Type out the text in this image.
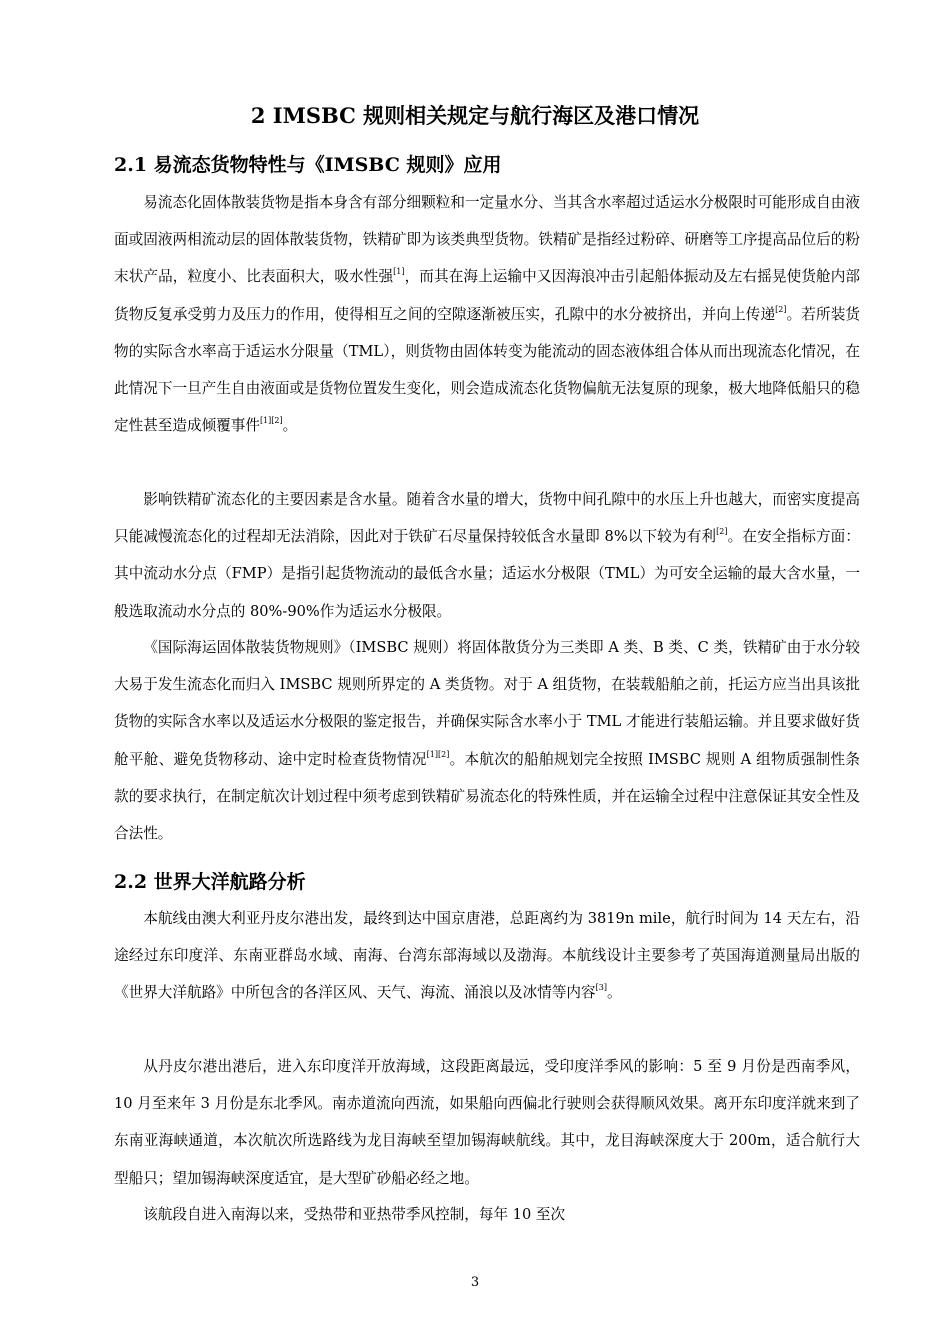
2 IMSBC 规则相关规定与航行海区及港口情况
2.1 易流态货物特性与《IMSBC 规则》应用

易流态化固体散装货物是指本身含有部分细颗粒和一定量水分、当其含水率超过适运水分极限时可能形成自由液面或固液两相流动层的固体散装货物，铁精矿即为该类典型货物。铁精矿是指经过粉碎、研磨等工序提高品位后的粉末状产品，粒度小、比表面积大，吸水性强[1]，而其在海上运输中又因海浪冲击引起船体振动及左右摇晃使货舱内部货物反复承受剪力及压力的作用，使得相互之间的空隙逐渐被压实，孔隙中的水分被挤出，并向上传递[2]。若所装货物的实际含水率高于适运水分限量（TML），则货物由固体转变为能流动的固态液体组合体从而出现流态化情况，在此情况下一旦产生自由液面或是货物位置发生变化，则会造成流态化货物偏航无法复原的现象，极大地降低船只的稳定性甚至造成倾覆事件[1][2]。

影响铁精矿流态化的主要因素是含水量。随着含水量的增大，货物中间孔隙中的水压上升也越大，而密实度提高只能减慢流态化的过程却无法消除，因此对于铁矿石尽量保持较低含水量即 8%以下较为有利[2]。在安全指标方面：其中流动水分点（FMP）是指引起货物流动的最低含水量；适运水分极限（TML）为可安全运输的最大含水量，一般选取流动水分点的 80%-90%作为适运水分极限。

《国际海运固体散装货物规则》（IMSBC 规则）将固体散货分为三类即 A 类、B 类、C 类，铁精矿由于水分较大易于发生流态化而归入 IMSBC 规则所界定的 A 类货物。对于 A 组货物，在装载船舶之前，托运方应当出具该批货物的实际含水率以及适运水分极限的鉴定报告，并确保实际含水率小于 TML 才能进行装船运输。并且要求做好货舱平舱、避免货物移动、途中定时检查货物情况[1][2]。本航次的船舶规划完全按照 IMSBC 规则 A 组物质强制性条款的要求执行，在制定航次计划过程中须考虑到铁精矿易流态化的特殊性质，并在运输全过程中注意保证其安全性及合法性。

2.2 世界大洋航路分析

本航线由澳大利亚丹皮尔港出发，最终到达中国京唐港，总距离约为 3819n mile，航行时间为 14 天左右，沿途经过东印度洋、东南亚群岛水域、南海、台湾东部海域以及渤海。本航线设计主要参考了英国海道测量局出版的《世界大洋航路》中所包含的各洋区风、天气、海流、涌浪以及冰情等内容[3]。

从丹皮尔港出港后，进入东印度洋开放海域，这段距离最远，受印度洋季风的影响：5 至 9 月份是西南季风，10 月至来年 3 月份是东北季风。南赤道流向西流，如果船向西偏北行驶则会获得顺风效果。离开东印度洋就来到了东南亚海峡通道，本次航次所选路线为龙目海峡至望加锡海峡航线。其中，龙目海峡深度大于 200m，适合航行大型船只；望加锡海峡深度适宜，是大型矿砂船必经之地。

该航段自进入南海以来，受热带和亚热带季风控制，每年 10 至次

3
